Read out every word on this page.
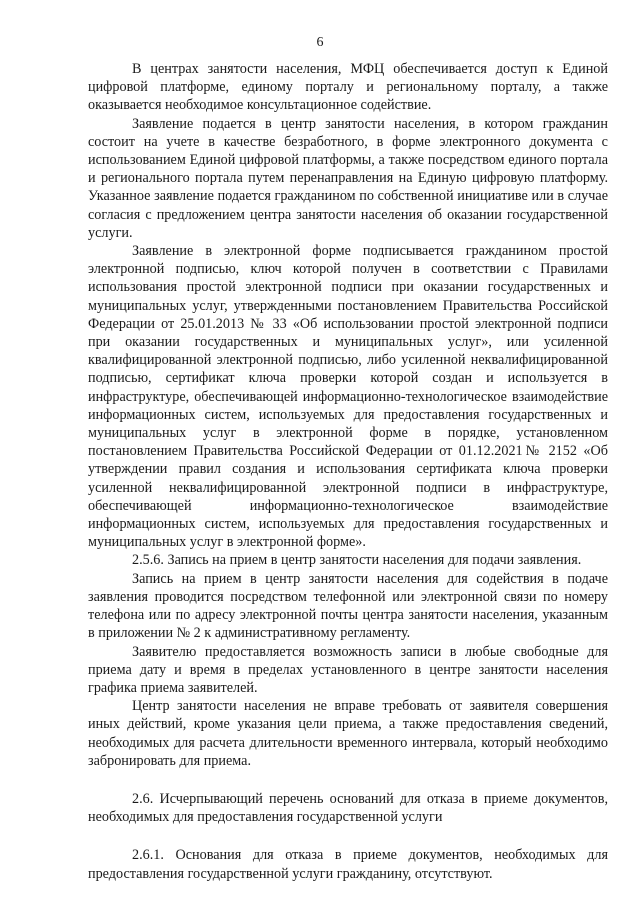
6

В центрах занятости населения, МФЦ обеспечивается доступ к Единой цифровой платформе, единому порталу и региональному порталу, а также оказывается необходимое консультационное содействие.

Заявление подается в центр занятости населения, в котором гражданин состоит на учете в качестве безработного, в форме электронного документа с использованием Единой цифровой платформы, а также посредством единого портала и регионального портала путем перенаправления на Единую цифровую платформу. Указанное заявление подается гражданином по собственной инициативе или в случае согласия с предложением центра занятости населения об оказании государственной услуги.

Заявление в электронной форме подписывается гражданином простой электронной подписью, ключ которой получен в соответствии с Правилами использования простой электронной подписи при оказании государственных и муниципальных услуг, утвержденными постановлением Правительства Российской Федерации от 25.01.2013 № 33 «Об использовании простой электронной подписи при оказании государственных и муниципальных услуг», или усиленной квалифицированной электронной подписью, либо усиленной неквалифицированной подписью, сертификат ключа проверки которой создан и используется в инфраструктуре, обеспечивающей информационно-технологическое взаимодействие информационных систем, используемых для предоставления государственных и муниципальных услуг в электронной форме в порядке, установленном постановлением Правительства Российской Федерации от 01.12.2021№ 2152 «Об утверждении правил создания и использования сертификата ключа проверки усиленной неквалифицированной электронной подписи в инфраструктуре, обеспечивающей информационно-технологическое взаимодействие информационных систем, используемых для предоставления государственных и муниципальных услуг в электронной форме».

2.5.6. Запись на прием в центр занятости населения для подачи заявления.

Запись на прием в центр занятости населения для содействия в подаче заявления проводится посредством телефонной или электронной связи по номеру телефона или по адресу электронной почты центра занятости населения, указанным в приложении № 2 к административному регламенту.

Заявителю предоставляется возможность записи в любые свободные для приема дату и время в пределах установленного в центре занятости населения графика приема заявителей.

Центр занятости населения не вправе требовать от заявителя совершения иных действий, кроме указания цели приема, а также предоставления сведений, необходимых для расчета длительности временного интервала, который необходимо забронировать для приема.

2.6. Исчерпывающий перечень оснований для отказа в приеме документов, необходимых для предоставления государственной услуги

2.6.1. Основания для отказа в приеме документов, необходимых для предоставления государственной услуги гражданину, отсутствуют.
